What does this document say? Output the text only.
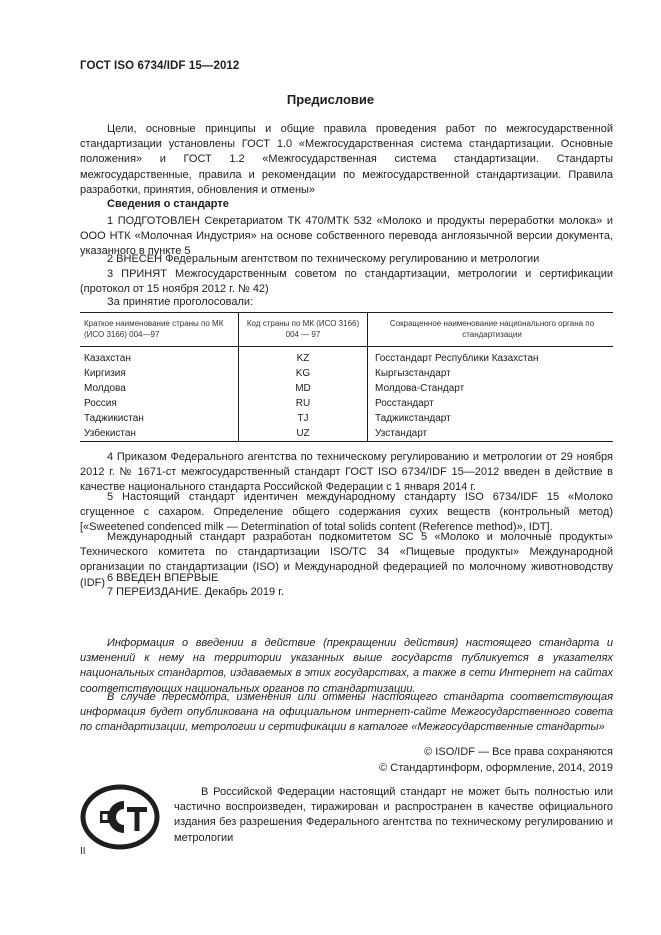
ГОСТ ISO 6734/IDF 15—2012
Предисловие
Цели, основные принципы и общие правила проведения работ по межгосударственной стандартизации установлены ГОСТ 1.0 «Межгосударственная система стандартизации. Основные положения» и ГОСТ 1.2 «Межгосударственная система стандартизации. Стандарты межгосударственные, правила и рекомендации по межгосударственной стандартизации. Правила разработки, принятия, обновления и отмены»
Сведения о стандарте
1 ПОДГОТОВЛЕН Секретариатом ТК 470/МТК 532 «Молоко и продукты переработки молока» и ООО НТК «Молочная Индустрия» на основе собственного перевода англоязычной версии документа, указанного в пункте 5
2 ВНЕСЕН Федеральным агентством по техническому регулированию и метрологии
3 ПРИНЯТ Межгосударственным советом по стандартизации, метрологии и сертификации (протокол от 15 ноября 2012 г. № 42)
За принятие проголосовали:
Краткое наименование страны по МК (ИСО 3166) 004—97	Код страны по МК (ИСО 3166) 004 — 97	Сокращенное наименование национального органа по стандартизации
Казахстан	KZ	Госстандарт Республики Казахстан
Киргизия	KG	Кыргызстандарт
Молдова	MD	Молдова-Стандарт
Россия	RU	Росстандарт
Таджикистан	TJ	Таджикстандарт
Узбекистан	UZ	Узстандарт
4 Приказом Федерального агентства по техническому регулированию и метрологии от 29 ноября 2012 г. № 1671-ст межгосударственный стандарт ГОСТ ISO 6734/IDF 15—2012 введен в действие в качестве национального стандарта Российской Федерации с 1 января 2014 г.
5 Настоящий стандарт идентичен международному стандарту ISO 6734/IDF 15 «Молоко сгущенное с сахаром. Определение общего содержания сухих веществ (контрольный метод) [«Sweetened condenced milk — Determination of total solids content (Reference method)», IDT].
Международный стандарт разработан подкомитетом SC 5 «Молоко и молочные продукты» Технического комитета по стандартизации ISO/TC 34 «Пищевые продукты» Международной организации по стандартизации (ISO) и Международной федерацией по молочному животноводству (IDF) 6 ВВЕДЕН ВПЕРВЫЕ
7 ПЕРЕИЗДАНИЕ. Декабрь 2019 г.
Информация о введении в действие (прекращении действия) настоящего стандарта и изменений к нему на территории указанных выше государств публикуется в указателях национальных стандартов, издаваемых в этих государствах, а также в сети Интернет на сайтах соответствующих национальных органов по стандартизации.
В случае пересмотра, изменения или отмены настоящего стандарта соответствующая информация будет опубликована на официальном интернет-сайте Межгосударственного совета по стандартизации, метрологии и сертификации в каталоге «Межгосударственные стандарты»
© ISO/IDF — Все права сохраняются
© Стандартинформ, оформление, 2014, 2019
В Российской Федерации настоящий стандарт не может быть полностью или частично воспроизведен, тиражирован и распространен в качестве официального издания без разрешения Федерального агентства по техническому регулированию и метрологии
II
